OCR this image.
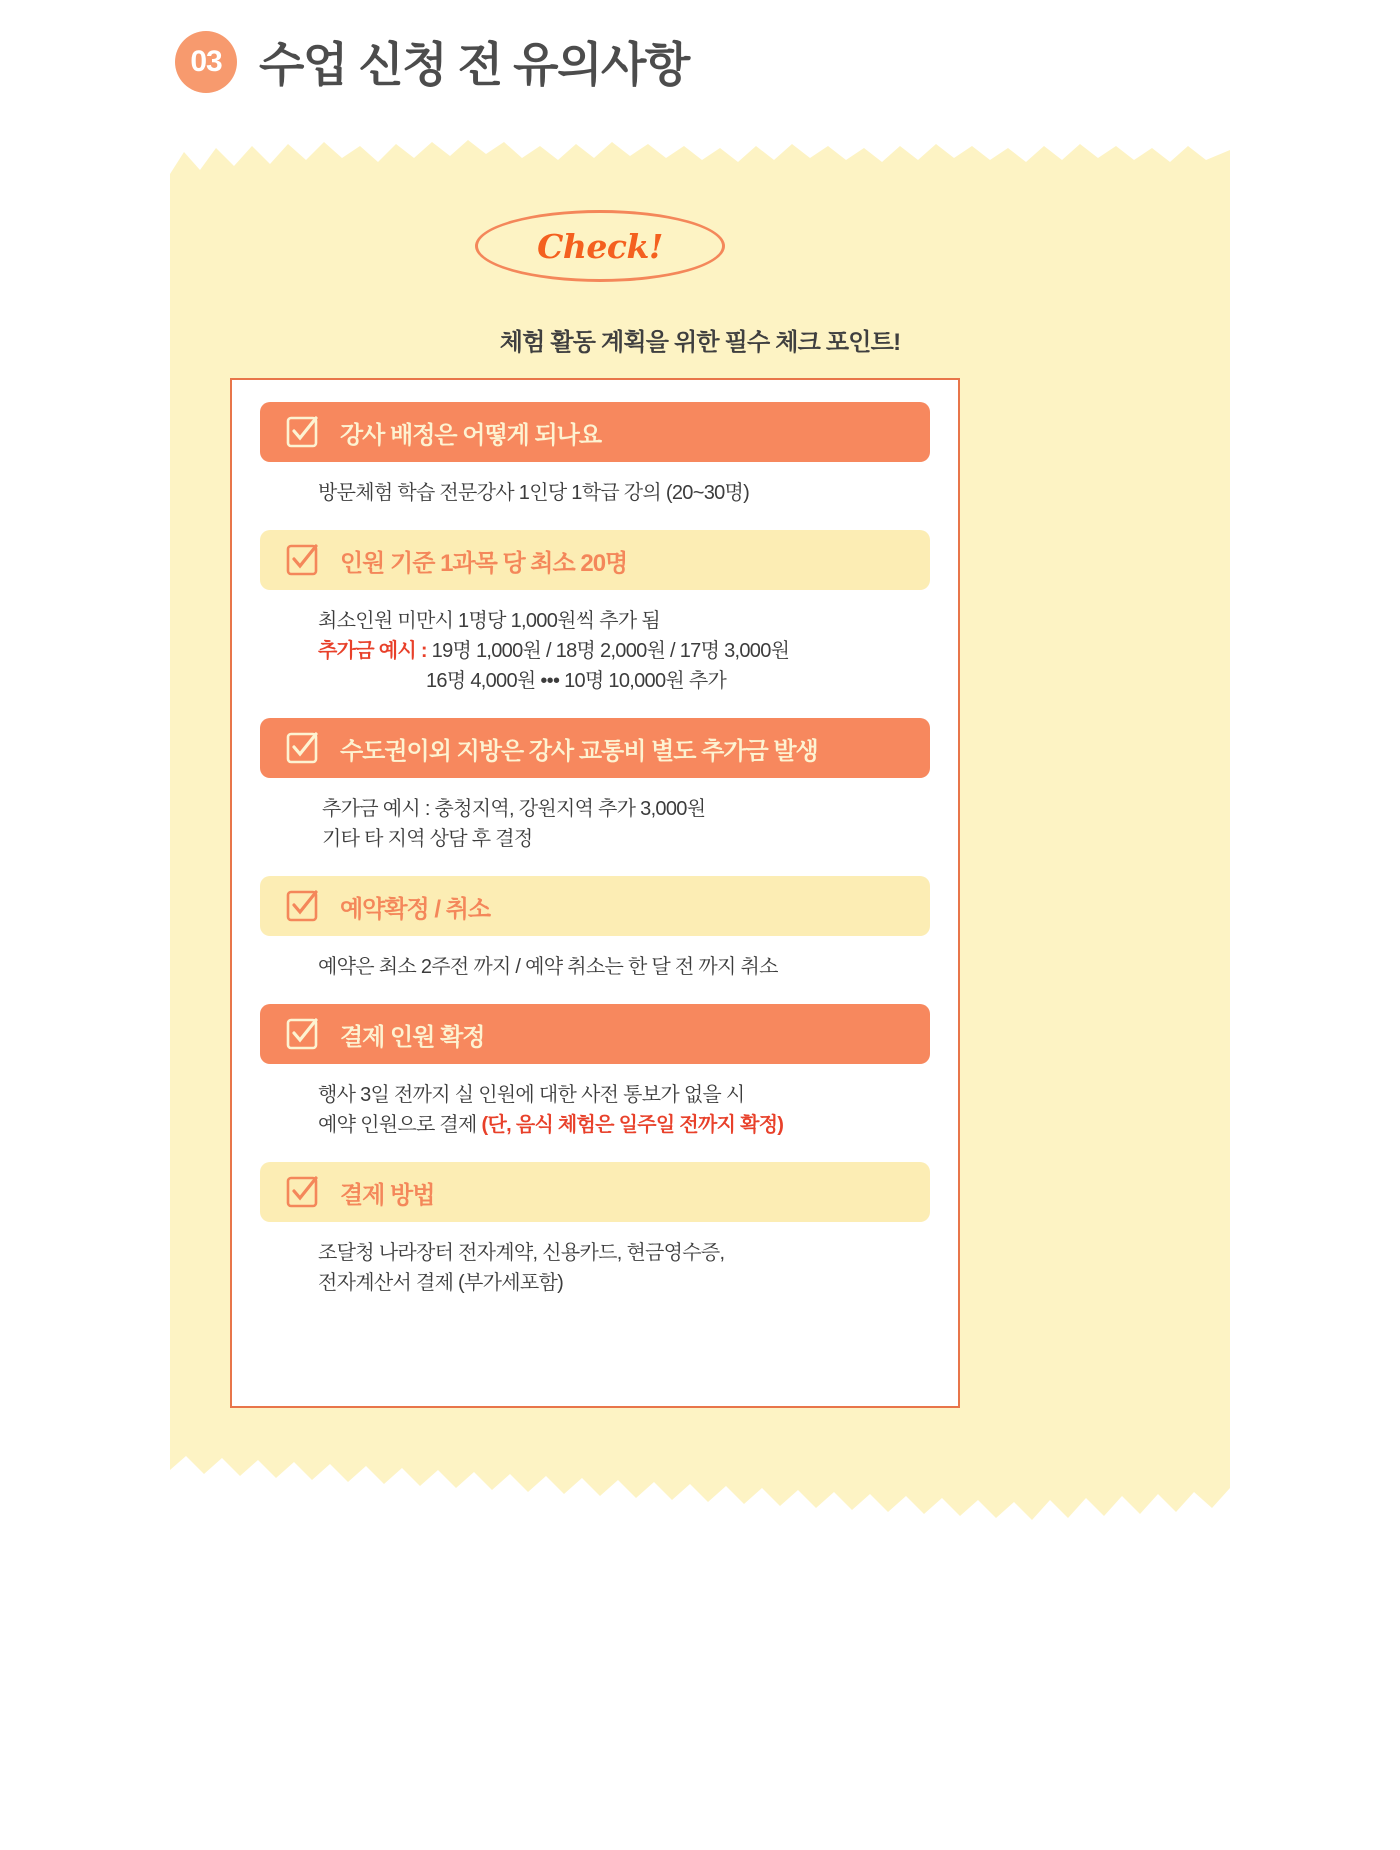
03 수업 신청 전 유의사항
Check!
체험 활동 계획을 위한 필수 체크 포인트!
강사 배정은 어떻게 되나요
방문체험 학습 전문강사 1인당 1학급 강의 (20~30명)
인원 기준 1과목 당 최소 20명
최소인원 미만시 1명당 1,000원씩 추가 됨
추가금 예시 : 19명 1,000원 / 18명 2,000원 / 17명 3,000원
16명 4,000원 ••• 10명 10,000원 추가
수도권이외 지방은 강사 교통비 별도 추가금 발생
추가금 예시 : 충청지역, 강원지역 추가 3,000원
기타 타 지역 상담 후 결정
예약확정 / 취소
예약은 최소 2주전 까지 / 예약 취소는 한 달 전 까지 취소
결제 인원 확정
행사 3일 전까지 실 인원에 대한 사전 통보가 없을 시
예약 인원으로 결제 (단, 음식 체험은 일주일 전까지 확정)
결제 방법
조달청 나라장터 전자계약, 신용카드, 현금영수증,
전자계산서 결제 (부가세포함)
